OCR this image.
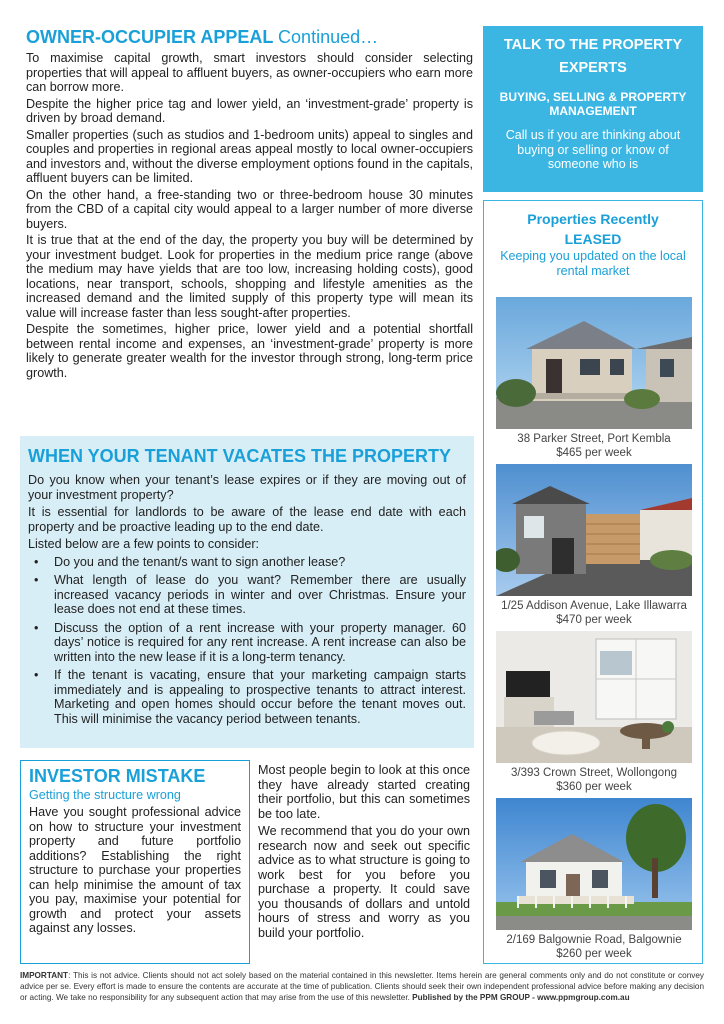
OWNER-OCCUPIER APPEAL Continued…

To maximise capital growth, smart investors should consider selecting properties that will appeal to affluent buyers, as owner-occupiers who earn more can borrow more.

Despite the higher price tag and lower yield, an ‘investment-grade’ property is driven by broad demand.

Smaller properties (such as studios and 1-bedroom units) appeal to singles and couples and properties in regional areas appeal mostly to local owner-occupiers and investors and, without the diverse employment options found in the capitals, affluent buyers can be limited.

On the other hand, a free-standing two or three-bedroom house 30 minutes from the CBD of a capital city would appeal to a larger number of more diverse buyers.

It is true that at the end of the day, the property you buy will be determined by your investment budget. Look for properties in the medium price range (above the medium may have yields that are too low, increasing holding costs), good locations, near transport, schools, shopping and lifestyle amenities as the increased demand and the limited supply of this property type will mean its value will increase faster than less sought-after properties.

Despite the sometimes, higher price, lower yield and a potential shortfall between rental income and expenses, an ‘investment-grade’ property is more likely to generate greater wealth for the investor through strong, long-term price growth.

WHEN YOUR TENANT VACATES THE PROPERTY

Do you know when your tenant’s lease expires or if they are moving out of your investment property?

It is essential for landlords to be aware of the lease end date with each property and be proactive leading up to the end date.

Listed below are a few points to consider:

• Do you and the tenant/s want to sign another lease?
• What length of lease do you want? Remember there are usually increased vacancy periods in winter and over Christmas. Ensure your lease does not end at these times.
• Discuss the option of a rent increase with your property manager. 60 days’ notice is required for any rent increase. A rent increase can also be written into the new lease if it is a long-term tenancy.
• If the tenant is vacating, ensure that your marketing campaign starts immediately and is appealing to prospective tenants to attract interest. Marketing and open homes should occur before the tenant moves out. This will minimise the vacancy period between tenants.
INVESTOR MISTAKE
Getting the structure wrong

Have you sought professional advice on how to structure your investment property and future portfolio additions? Establishing the right structure to purchase your properties can help minimise the amount of tax you pay, maximise your potential for growth and protect your assets against any losses.

Most people begin to look at this once they have already started creating their portfolio, but this can sometimes be too late.

We recommend that you do your own research now and seek out specific advice as to what structure is going to work best for you before you purchase a property. It could save you thousands of dollars and untold hours of stress and worry as you build your portfolio.

TALK TO THE PROPERTY EXPERTS
BUYING, SELLING & PROPERTY MANAGEMENT
Call us if you are thinking about buying or selling or know of someone who is
Properties Recently
LEASED
Keeping you updated on the local rental market
38 Parker Street, Port Kembla
$465 per week
1/25 Addison Avenue, Lake Illawarra
$470 per week
3/393 Crown Street, Wollongong
$360 per week
2/169 Balgownie Road, Balgownie
$260 per week
IMPORTANT: This is not advice. Clients should not act solely based on the material contained in this newsletter. Items herein are general comments only and do not constitute or convey advice per se. Every effort is made to ensure the contents are accurate at the time of publication. Clients should seek their own independent professional advice before making any decision or acting. We take no responsibility for any subsequent action that may arise from the use of this newsletter. Published by the PPM GROUP - www.ppmgroup.com.au
